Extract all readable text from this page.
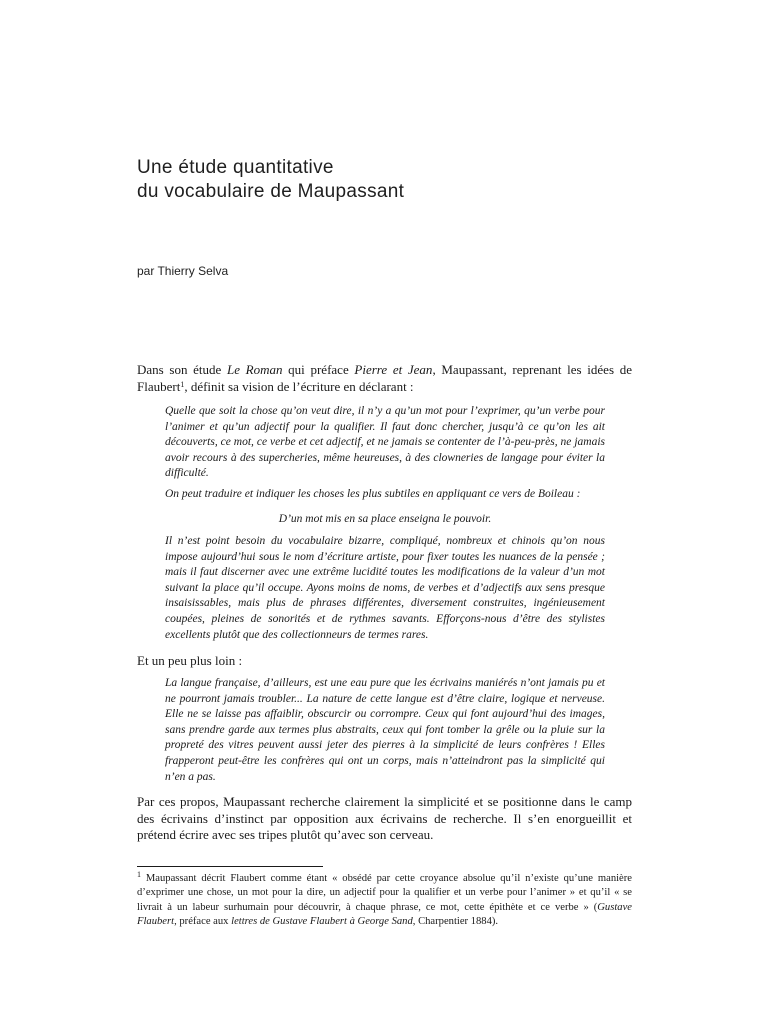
Une étude quantitative
du vocabulaire de Maupassant
par Thierry Selva

Dans son étude Le Roman qui préface Pierre et Jean, Maupassant, reprenant les idées de Flaubert$^1$, définit sa vision de l’écriture en déclarant :

Quelle que soit la chose qu’on veut dire, il n’y a qu’un mot pour l’exprimer, qu’un verbe pour l’animer et qu’un adjectif pour la qualifier. Il faut donc chercher, jusqu’à ce qu’on les ait découverts, ce mot, ce verbe et cet adjectif, et ne jamais se contenter de l’à-peu-près, ne jamais avoir recours à des supercheries, même heureuses, à des clowneries de langage pour éviter la difficulté.

On peut traduire et indiquer les choses les plus subtiles en appliquant ce vers de Boileau :

D’un mot mis en sa place enseigna le pouvoir.

Il n’est point besoin du vocabulaire bizarre, compliqué, nombreux et chinois qu’on nous impose aujourd’hui sous le nom d’écriture artiste, pour fixer toutes les nuances de la pensée ; mais il faut discerner avec une extrême lucidité toutes les modifications de la valeur d’un mot suivant la place qu’il occupe. Ayons moins de noms, de verbes et d’adjectifs aux sens presque insaisissables, mais plus de phrases différentes, diversement construites, ingénieusement coupées, pleines de sonorités et de rythmes savants. Efforçons-nous d’être des stylistes excellents plutôt que des collectionneurs de termes rares.

Et un peu plus loin :

La langue française, d’ailleurs, est une eau pure que les écrivains maniérés n’ont jamais pu et ne pourront jamais troubler... La nature de cette langue est d’être claire, logique et nerveuse. Elle ne se laisse pas affaiblir, obscurcir ou corrompre. Ceux qui font aujourd’hui des images, sans prendre garde aux termes plus abstraits, ceux qui font tomber la grêle ou la pluie sur la propreté des vitres peuvent aussi jeter des pierres à la simplicité de leurs confrères ! Elles frapperont peut-être les confrères qui ont un corps, mais n’atteindront pas la simplicité qui n’en a pas.

Par ces propos, Maupassant recherche clairement la simplicité et se positionne dans le camp des écrivains d’instinct par opposition aux écrivains de recherche. Il s’en enorgueillit et prétend écrire avec ses tripes plutôt qu’avec son cerveau.

$^1$ Maupassant décrit Flaubert comme étant « obsédé par cette croyance absolue qu’il n’existe qu’une manière d’exprimer une chose, un mot pour la dire, un adjectif pour la qualifier et un verbe pour l’animer » et qu’il « se livrait à un labeur surhumain pour découvrir, à chaque phrase, ce mot, cette épithète et ce verbe » (Gustave Flaubert, préface aux lettres de Gustave Flaubert à George Sand, Charpentier 1884).
